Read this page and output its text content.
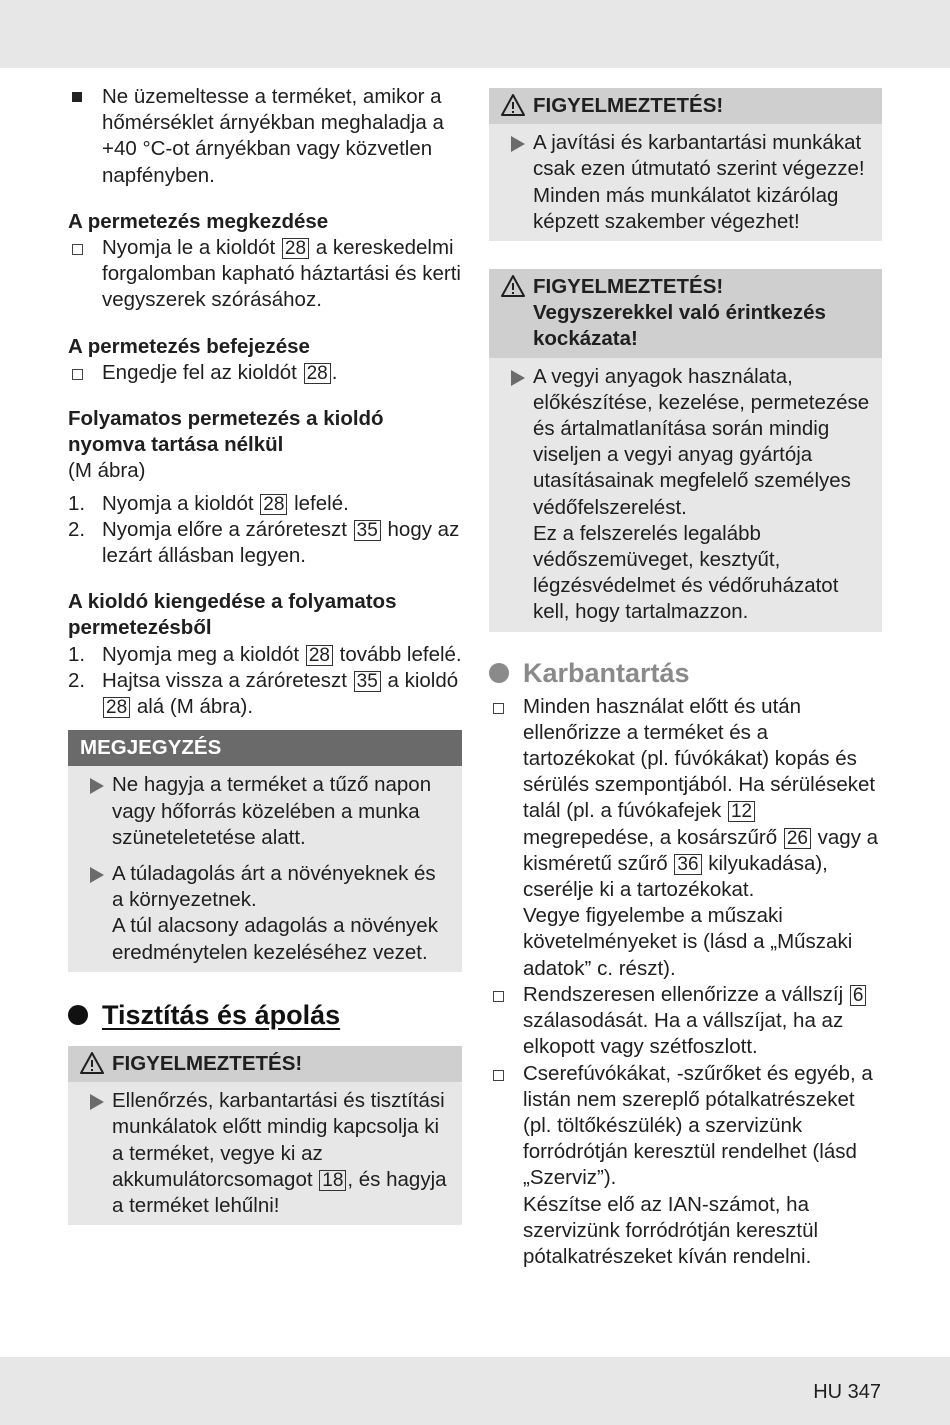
Ne üzemeltesse a terméket, amikor a hőmérséklet árnyékban meghaladja a +40 °C-ot árnyékban vagy közvetlen napfényben.
A permetezés megkezdése
Nyomja le a kioldót 28 a kereskedelmi forgalomban kapható háztartási és kerti vegyszerek szórásához.
A permetezés befejezése
Engedje fel az kioldót 28 .
Folyamatos permetezés a kioldó nyomva tartása nélkül
(M ábra)
1. Nyomja a kioldót 28 lefelé.
2. Nyomja előre a záróreteszt 35 hogy az lezárt állásban legyen.
A kioldó kiengedése a folyamatos permetezésből
1. Nyomja meg a kioldót 28 tovább lefelé.
2. Hajtsa vissza a záróreteszt 35 a kioldó 28 alá (M ábra).
MEGJEGYZÉS
Ne hagyja a terméket a tűző napon vagy hőforrás közelében a munka szüneteletetése alatt.
A túladagolás árt a növényeknek és a környezetnek.
A túl alacsony adagolás a növények eredménytelen kezeléséhez vezet.
Tisztítás és ápolás
FIGYELMEZTETÉS!
Ellenőrzés, karbantartási és tisztítási munkálatok előtt mindig kapcsolja ki a terméket, vegye ki az akkumulátorcsomagot 18 , és hagyja a terméket lehűlni!
FIGYELMEZTETÉS!
A javítási és karbantartási munkákat csak ezen útmutató szerint végezze! Minden más munkálatot kizárólag képzett szakember végezhet!
FIGYELMEZTETÉS!
Vegyszerekkel való érintkezés kockázata!
A vegyi anyagok használata, előkészítése, kezelése, permetezése és ártalmatlanítása során mindig viseljen a vegyi anyag gyártója utasításainak megfelelő személyes védőfelszerelést.
Ez a felszerelés legalább védőszemüveget, kesztyűt, légzésvédelmet és védőruházatot kell, hogy tartalmazzon.
Karbantartás
Minden használat előtt és után ellenőrizze a terméket és a tartozékokat (pl. fúvókákat) kopás és sérülés szempontjából. Ha sérüléseket talál (pl. a fúvókafejek 12 megrepedése, a kosárszűrő 26 vagy a kisméretű szűrő 36 kilyukadása), cserélje ki a tartozékokat.
Vegye figyelembe a műszaki követelményeket is (lásd a „Műszaki adatok” c. részt).
Rendszeresen ellenőrizze a vállszíj 6 szálasodását. Ha a vállszíjat, ha az elkopott vagy szétfoszlott.
Cserefúvókákat, -szűrőket és egyéb, a listán nem szereplő pótalkatrészeket (pl. töltőkészülék) a szervizünk forródrótján keresztül rendelhet (lásd „Szerviz”).
Készítse elő az IAN-számot, ha szervizünk forródrótján keresztül pótalkatrészeket kíván rendelni.
HU 347
